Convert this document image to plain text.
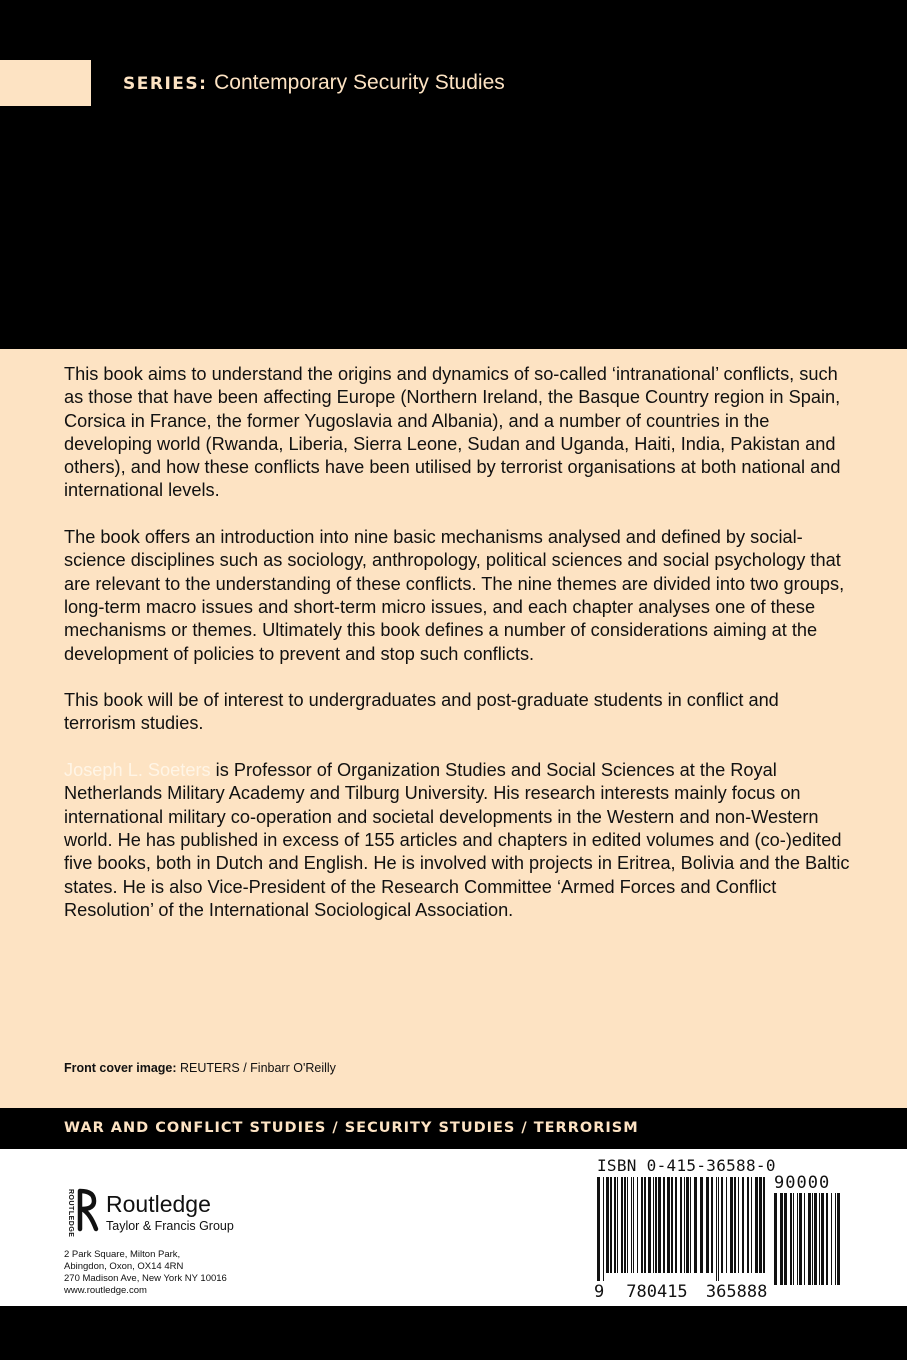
SERIES: Contemporary Security Studies

This book aims to understand the origins and dynamics of so-called ‘intranational’ conflicts, such as those that have been affecting Europe (Northern Ireland, the Basque Country region in Spain, Corsica in France, the former Yugoslavia and Albania), and a number of countries in the developing world (Rwanda, Liberia, Sierra Leone, Sudan and Uganda, Haiti, India, Pakistan and others), and how these conflicts have been utilised by terrorist organisations at both national and international levels.

The book offers an introduction into nine basic mechanisms analysed and defined by social-science disciplines such as sociology, anthropology, political sciences and social psychology that are relevant to the understanding of these conflicts. The nine themes are divided into two groups, long-term macro issues and short-term micro issues, and each chapter analyses one of these mechanisms or themes. Ultimately this book defines a number of considerations aiming at the development of policies to prevent and stop such conflicts.

This book will be of interest to undergraduates and post-graduate students in conflict and terrorism studies.

Joseph L. Soeters is Professor of Organization Studies and Social Sciences at the Royal Netherlands Military Academy and Tilburg University. His research interests mainly focus on international military co-operation and societal developments in the Western and non-Western world. He has published in excess of 155 articles and chapters in edited volumes and (co-)edited five books, both in Dutch and English. He is involved with projects in Eritrea, Bolivia and the Baltic states. He is also Vice-President of the Research Committee ‘Armed Forces and Conflict Resolution’ of the International Sociological Association.

Front cover image: REUTERS / Finbarr O'Reilly
WAR AND CONFLICT STUDIES / SECURITY STUDIES / TERRORISM
ROUTLEDGE Routledge
Taylor & Francis Group
2 Park Square, Milton Park,
Abingdon, Oxon, OX14 4RN
270 Madison Ave, New York NY 10016
www.routledge.com
ISBN 0-415-36588-0
90000
9 780415 365888
